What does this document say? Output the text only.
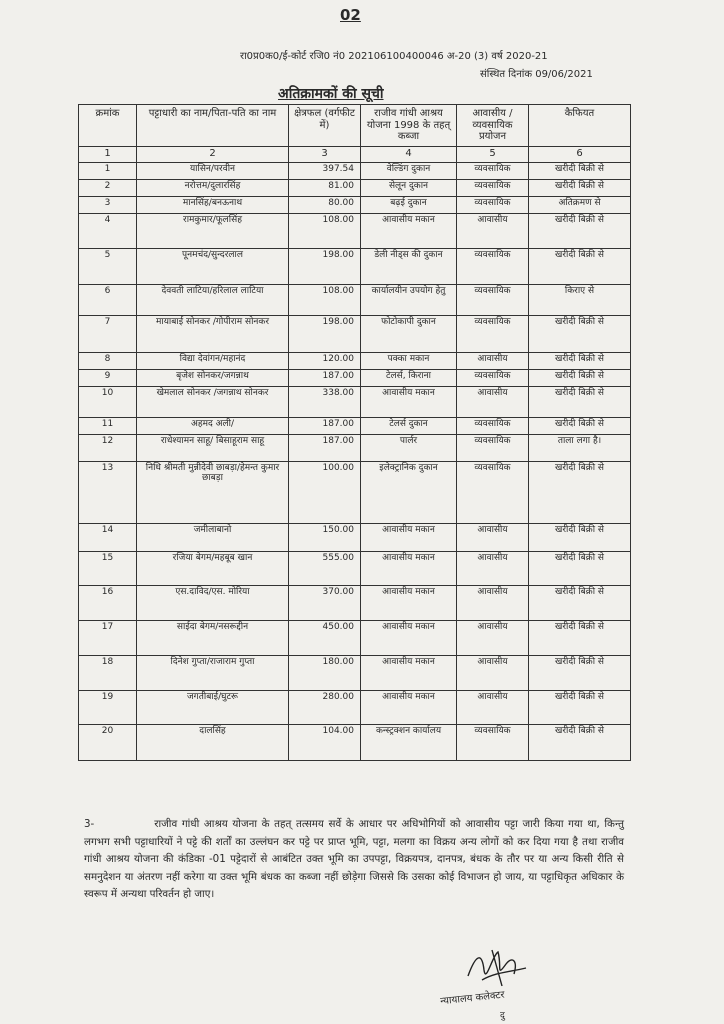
02
रा0प्र0क0/ई-कोर्ट रजि0 नं0 202106100400046 अ-20 (3) वर्ष 2020-21
संस्थित दिनांक 09/06/2021
अतिक्रामकों की सूची
क्रमांक	पट्टाधारी का नाम/पिता-पति का नाम	क्षेत्रफल (वर्गफीट में)	राजीव गांधी आश्रय योजना 1998 के तहत् कब्जा	आवासीय /व्यवसायिक प्रयोजन	कैफियत
1	2	3	4	5	6
1	यासिन/परवीन	397.54	वेल्डिंग दुकान	व्यवसायिक	खरीदी बिक्री से
2	नरोत्तम/दुलारसिंह	81.00	सेलून दुकान	व्यवसायिक	खरीदी बिक्री से
3	मानसिंह/बनऊनाथ	80.00	बढ़ई दुकान	व्यवसायिक	अतिक्रमण से
4	रामकुमार/फूलसिंह	108.00	आवासीय मकान	आवासीय	खरीदी बिक्री से
5	पूनमचंद/सुन्दरलाल	198.00	डेली नीड्स की दुकान	व्यवसायिक	खरीदी बिक्री से
6	देववती लाटिया/हरिलाल लाटिया	108.00	कार्यालयीन उपयोग हेतु	व्यवसायिक	किराए से
7	मायाबाई सोनकर /गोपीराम सोनकर	198.00	फोटोकापी दुकान	व्यवसायिक	खरीदी बिक्री से
8	विद्या देवांगन/महानंद	120.00	पक्का मकान	आवासीय	खरीदी बिक्री से
9	बृजेश सोनकर/जगन्नाथ	187.00	टेलर्स, किराना	व्यवसायिक	खरीदी बिक्री से
10	खेमलाल सोनकर /जगन्नाथ सोनकर	338.00	आवासीय मकान	आवासीय	खरीदी बिक्री से
11	अहमद अली/	187.00	टेलर्स दुकान	व्यवसायिक	खरीदी बिक्री से
12	राधेश्यामन साहू/ बिसाहूराम साहू	187.00	पार्लर	व्यवसायिक	ताला लगा है।
13	निधि श्रीमती मुन्नीदेवी छाबड़ा/हेमन्त कुमार छाबड़ा	100.00	इलेक्ट्रानिक दुकान	व्यवसायिक	खरीदी बिक्री से
14	जमीलाबानो	150.00	आवासीय मकान	आवासीय	खरीदी बिक्री से
15	रजिया बेगम/महबूब खान	555.00	आवासीय मकान	आवासीय	खरीदी बिक्री से
16	एस.दाविद/एस. मोरिया	370.00	आवासीय मकान	आवासीय	खरीदी बिक्री से
17	साईदा बेगम/नसरूद्दीन	450.00	आवासीय मकान	आवासीय	खरीदी बिक्री से
18	दिनेश गुप्ता/राजाराम गुप्ता	180.00	आवासीय मकान	आवासीय	खरीदी बिक्री से
19	जगतीबाई/घुटरू	280.00	आवासीय मकान	आवासीय	खरीदी बिक्री से
20	दालसिंह	104.00	कन्स्ट्रक्शन कार्यालय	व्यवसायिक	खरीदी बिक्री से
3-	राजीव गांधी आश्रय योजना के तहत् तत्समय सर्वे के आधार पर अधिभोगियों को आवासीय पट्टा जारी किया गया था, किन्तु लगभग सभी पट्टाधारियों ने पट्टे की शर्तों का उल्लंघन कर पट्टे पर प्राप्त भूमि, पट्टा, मलगा का विक्रय अन्य लोगों को कर दिया गया है तथा राजीव गांधी आश्रय योजना की कंडिका -01 पट्टेदारों से आबंटित उक्त भूमि का उपपट्टा, विक्रयपत्र, दानपत्र, बंधक के तौर पर या अन्य किसी रीति से समनुदेशन या अंतरण नहीं करेगा या उक्त भूमि बंधक का कब्जा नहीं छोड़ेगा जिससे कि उसका कोई विभाजन हो जाय, या पट्टाधिकृत अधिकार के स्वरूप में अन्यथा परिवर्तन हो जाए।
न्यायालय कलेक्टर
दु
